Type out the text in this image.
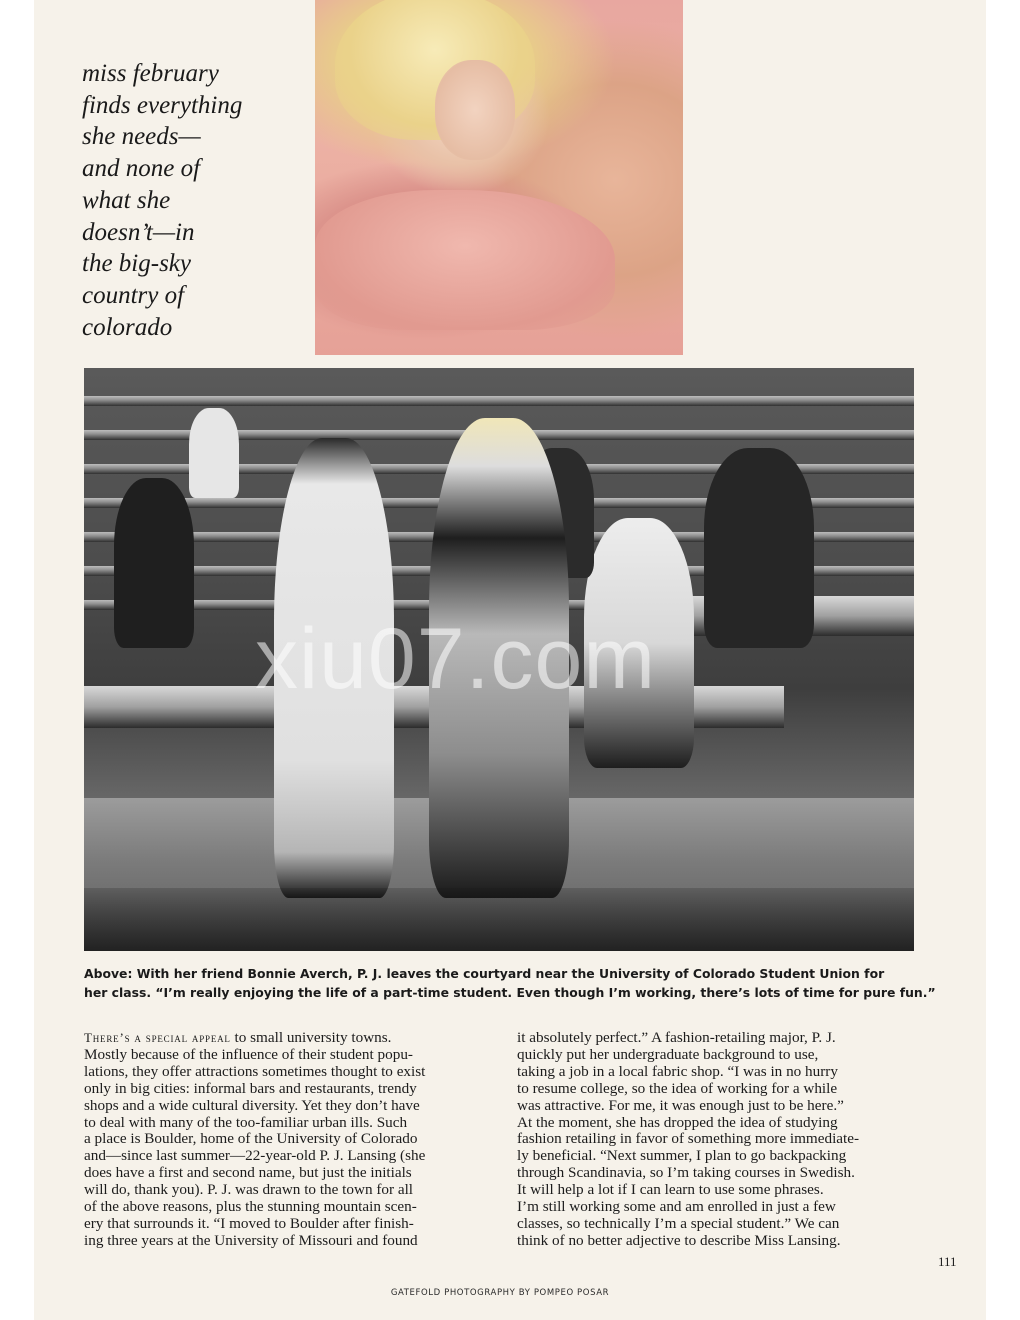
miss february
finds everything
she needs—
and none of
what she
doesn’t—in
the big-sky
country of
colorado
xiu07.com

Above: With her friend Bonnie Averch, P. J. leaves the courtyard near the University of Colorado Student Union for
her class. “I’m really enjoying the life of a part-time student. Even though I’m working, there’s lots of time for pure fun.”

There’s a special appeal to small university towns.
Mostly because of the influence of their student popu-
lations, they offer attractions sometimes thought to exist
only in big cities: informal bars and restaurants, trendy
shops and a wide cultural diversity. Yet they don’t have
to deal with many of the too-familiar urban ills. Such
a place is Boulder, home of the University of Colorado
and—since last summer—22-year-old P. J. Lansing (she
does have a first and second name, but just the initials
will do, thank you). P. J. was drawn to the town for all
of the above reasons, plus the stunning mountain scen-
ery that surrounds it. “I moved to Boulder after finish-
ing three years at the University of Missouri and found

it absolutely perfect.” A fashion-retailing major, P. J.
quickly put her undergraduate background to use,
taking a job in a local fabric shop. “I was in no hurry
to resume college, so the idea of working for a while
was attractive. For me, it was enough just to be here.”
At the moment, she has dropped the idea of studying
fashion retailing in favor of something more immediate-
ly beneficial. “Next summer, I plan to go backpacking
through Scandinavia, so I’m taking courses in Swedish.
It will help a lot if I can learn to use some phrases.
I’m still working some and am enrolled in just a few
classes, so technically I’m a special student.” We can
think of no better adjective to describe Miss Lansing.

111
GATEFOLD PHOTOGRAPHY BY POMPEO POSAR
